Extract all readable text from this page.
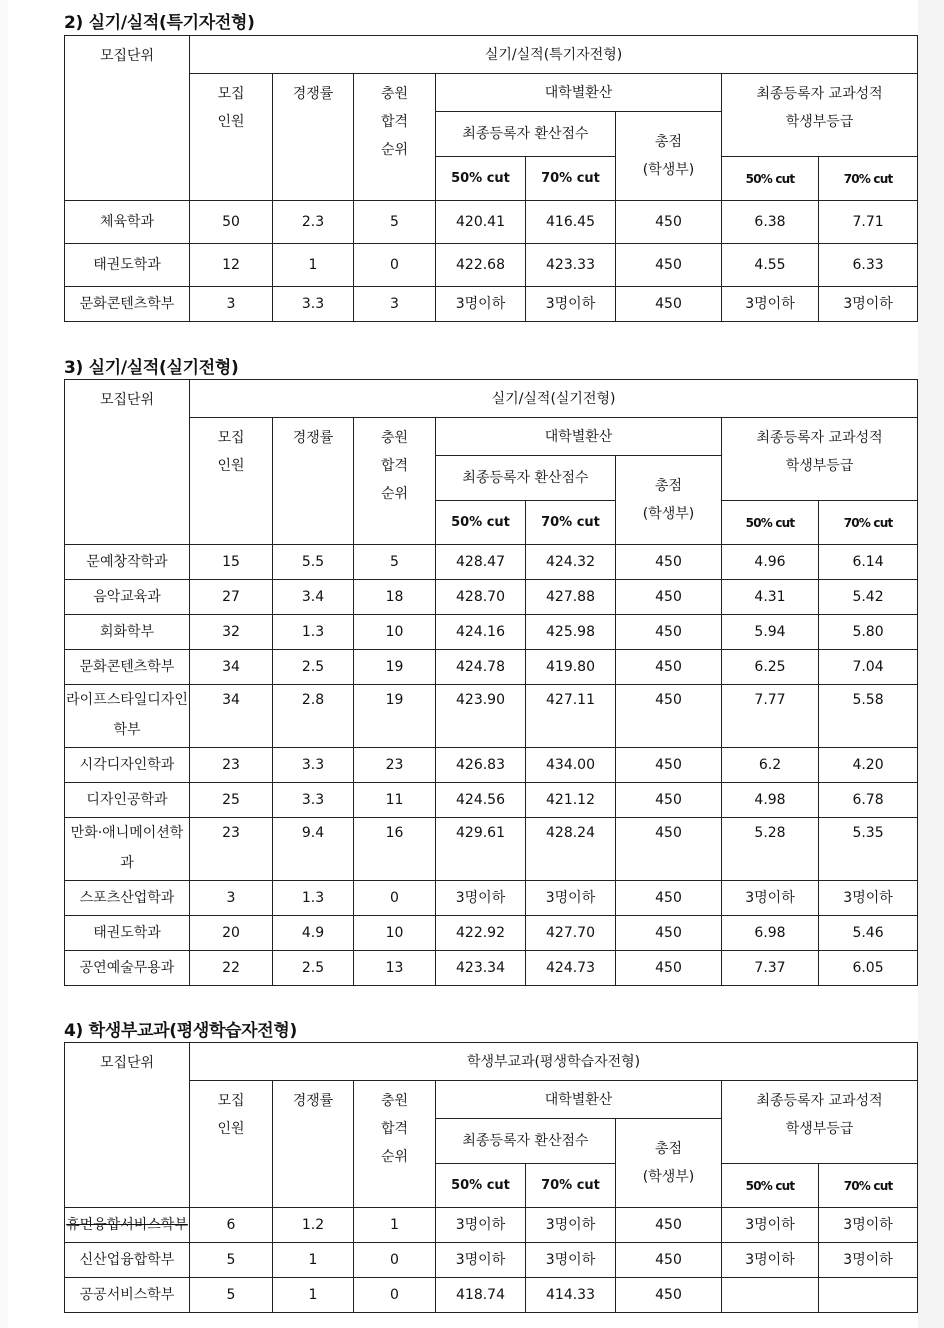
2) 실기/실적(특기자전형)
모집단위	실기/실적(특기자전형)							
	모집
인원	경쟁률	충원
합격
순위	대학별환산			최종등록자 교과성적
학생부등급	
				최종등록자 환산점수		총점
(학생부)		
				50% cut	70% cut		50% cut	70% cut
체육학과	50	2.3	5	420.41	416.45	450	6.38	7.71
태권도학과	12	1	0	422.68	423.33	450	4.55	6.33
문화콘텐츠학부	3	3.3	3	3명이하	3명이하	450	3명이하	3명이하
3) 실기/실적(실기전형)
모집단위	실기/실적(실기전형)							
	모집
인원	경쟁률	충원
합격
순위	대학별환산			최종등록자 교과성적
학생부등급	
				최종등록자 환산점수		총점
(학생부)		
				50% cut	70% cut		50% cut	70% cut
문예창작학과	15	5.5	5	428.47	424.32	450	4.96	6.14
음악교육과	27	3.4	18	428.70	427.88	450	4.31	5.42
회화학부	32	1.3	10	424.16	425.98	450	5.94	5.80
문화콘텐츠학부	34	2.5	19	424.78	419.80	450	6.25	7.04
라이프스타일디자인학부	34	2.8	19	423.90	427.11	450	7.77	5.58
시각디자인학과	23	3.3	23	426.83	434.00	450	6.2	4.20
디자인공학과	25	3.3	11	424.56	421.12	450	4.98	6.78
만화·애니메이션학과	23	9.4	16	429.61	428.24	450	5.28	5.35
스포츠산업학과	3	1.3	0	3명이하	3명이하	450	3명이하	3명이하
태권도학과	20	4.9	10	422.92	427.70	450	6.98	5.46
공연예술무용과	22	2.5	13	423.34	424.73	450	7.37	6.05
4) 학생부교과(평생학습자전형)
모집단위	학생부교과(평생학습자전형)							
	모집
인원	경쟁률	충원
합격
순위	대학별환산			최종등록자 교과성적
학생부등급	
				최종등록자 환산점수		총점
(학생부)		
				50% cut	70% cut		50% cut	70% cut
휴먼융합서비스학부	6	1.2	1	3명이하	3명이하	450	3명이하	3명이하
신산업융합학부	5	1	0	3명이하	3명이하	450	3명이하	3명이하
공공서비스학부	5	1	0	418.74	414.33	450		
